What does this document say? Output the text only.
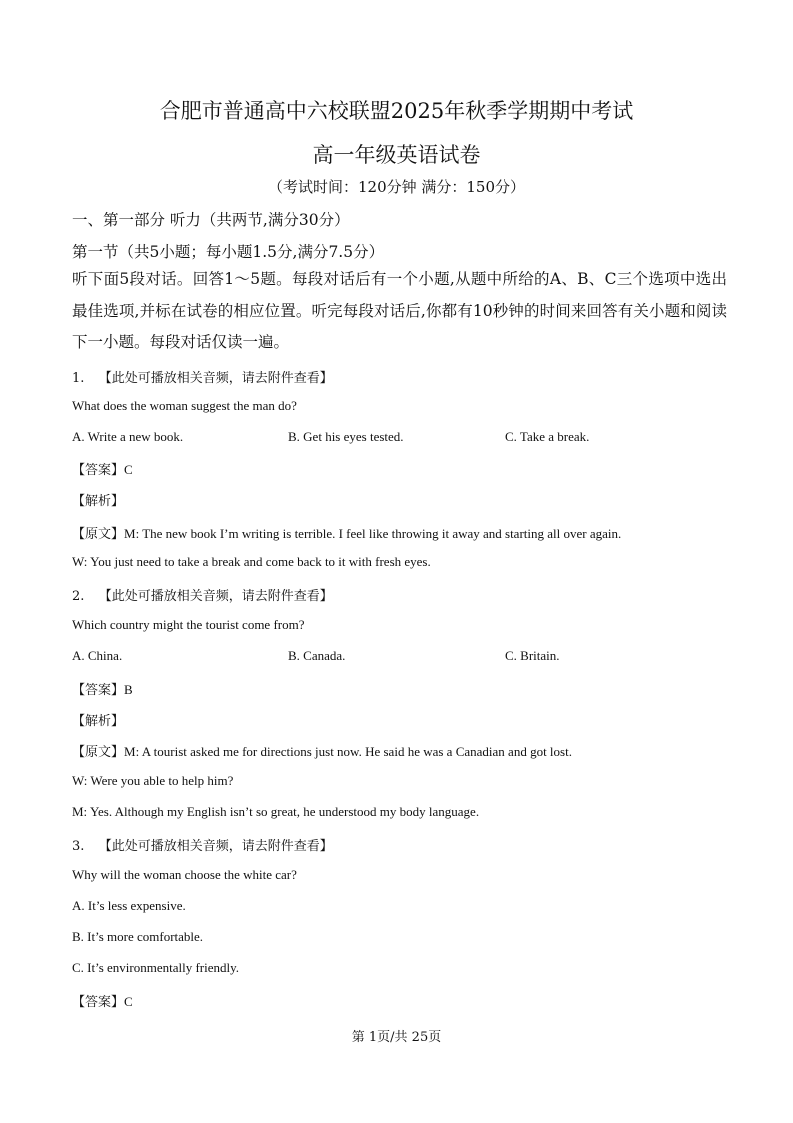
合肥市普通高中六校联盟2025年秋季学期期中考试
高一年级英语试卷
（考试时间：120分钟 满分：150分）
一、第一部分 听力（共两节,满分30分）
第一节（共5小题；每小题1.5分,满分7.5分）
听下面5段对话。回答1～5题。每段对话后有一个小题,从题中所给的A、B、C三个选项中选出最佳选项,并标在试卷的相应位置。听完每段对话后,你都有10秒钟的时间来回答有关小题和阅读下一小题。每段对话仅读一遍。
1. 【此处可播放相关音频，请去附件查看】
What does the woman suggest the man do?
A. Write a new book.	B. Get his eyes tested.	C. Take a break.
【答案】C
【解析】
【原文】M: The new book I’m writing is terrible. I feel like throwing it away and starting all over again.
W: You just need to take a break and come back to it with fresh eyes.
2. 【此处可播放相关音频，请去附件查看】
Which country might the tourist come from?
A. China.	B. Canada.	C. Britain.
【答案】B
【解析】
【原文】M: A tourist asked me for directions just now. He said he was a Canadian and got lost.
W: Were you able to help him?
M: Yes. Although my English isn’t so great, he understood my body language.
3. 【此处可播放相关音频，请去附件查看】
Why will the woman choose the white car?
A. It’s less expensive.
B. It’s more comfortable.
C. It’s environmentally friendly.
【答案】C
第 1页/共 25页
